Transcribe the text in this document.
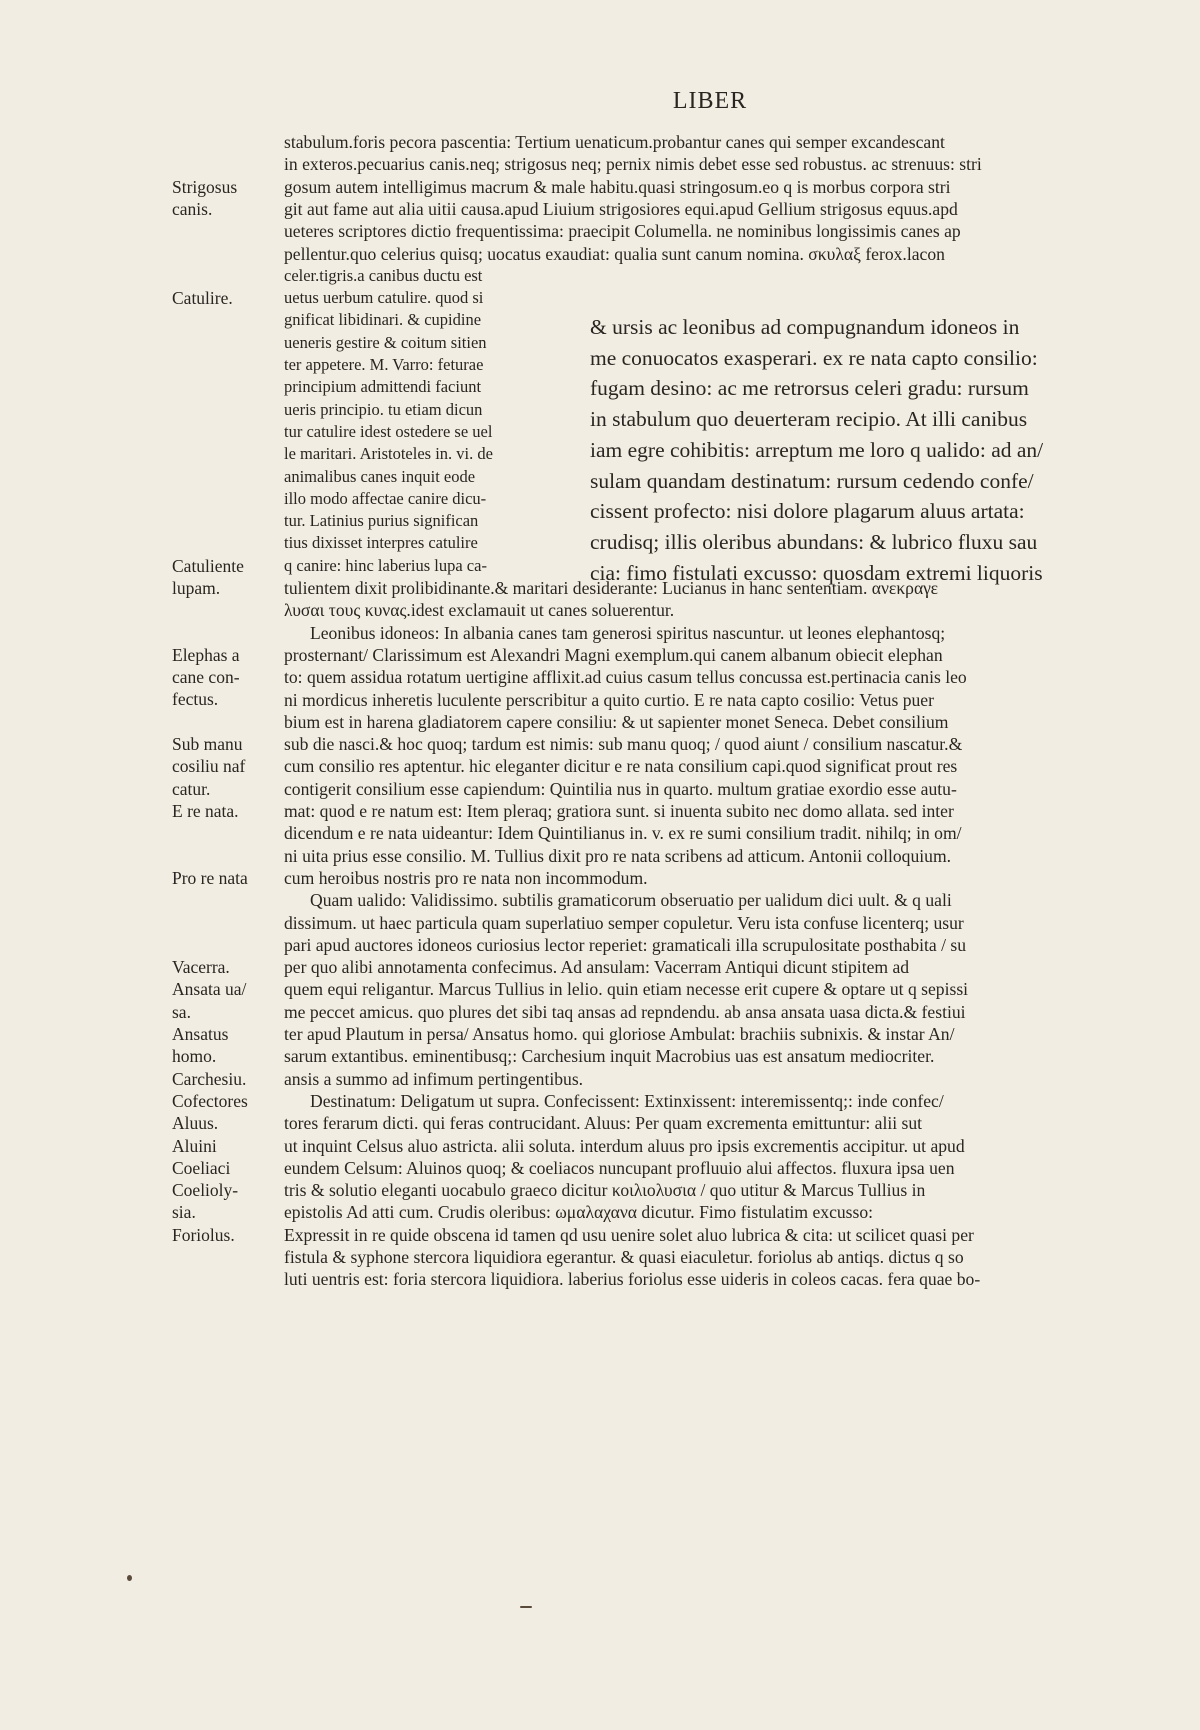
LIBER
stabulum.foris pecora pascentia: Tertium uenaticum.probantur canes qui semper excandescant
in exteros.pecuarius canis.neq; strigosus neq; pernix nimis debet esse sed robustus. ac strenuus: stri
gosum autem intelligimus macrum & male habitu.quasi stringosum.eo q is morbus corpora stri
git aut fame aut alia uitii causa.apud Liuium strigosiores equi.apud Gellium strigosus equus.apd
ueteres scriptores dictio frequentissima: praecipit Columella. ne nominibus longissimis canes ap
pellentur.quo celerius quisq; uocatus exaudiat: qualia sunt canum nomina. σκυλαξ ferox.lacon
celer.tigris.a canibus ductu est
uetus uerbum catulire. quod si
gnificat libidinari. & cupidine
ueneris gestire & coitum sitien
ter appetere. M. Varro: feturae
principium admittendi faciunt
ueris principio. tu etiam dicun
tur catulire idest ostedere se uel
le maritari. Aristoteles in. vi. de
animalibus canes inquit eode
illo modo affectae canire dicu-
tur. Latinius purius significan
tius dixisset interpres catulire
q canire: hinc laberius lupa ca-
& ursis ac leonibus ad compugnandum idoneos in
me conuocatos exasperari. ex re nata capto consilio:
fugam desino: ac me retrorsus celeri gradu: rursum
in stabulum quo deuerteram recipio. At illi canibus
iam egre cohibitis: arreptum me loro q ualido: ad an/
sulam quandam destinatum: rursum cedendo confe/
cissent profecto: nisi dolore plagarum aluus artata:
crudisq; illis oleribus abundans: & lubrico fluxu sau
cia: fimo fistulati excusso: quosdam extremi liquoris
tulientem dixit prolibidinante.& maritari desiderante: Lucianus in hanc sententiam. ανεκραγε
λυσαι τους κυνας.idest exclamauit ut canes soluerentur.
Leonibus idoneos: In albania canes tam generosi spiritus nascuntur. ut leones elephantosq;
prosternant/ Clarissimum est Alexandri Magni exemplum.qui canem albanum obiecit elephan
to: quem assidua rotatum uertigine afflixit.ad cuius casum tellus concussa est.pertinacia canis leo
ni mordicus inheretis luculente perscribitur a quito curtio. E re nata capto cosilio: Vetus puer
bium est in harena gladiatorem capere consiliu: & ut sapienter monet Seneca. Debet consilium
sub die nasci.& hoc quoq; tardum est nimis: sub manu quoq; / quod aiunt / consilium nascatur.&
cum consilio res aptentur. hic eleganter dicitur e re nata consilium capi.quod significat prout res
contigerit consilium esse capiendum: Quintilia nus in quarto. multum gratiae exordio esse autu-
mat: quod e re natum est: Item pleraq; gratiora sunt. si inuenta subito nec domo allata. sed inter
dicendum e re nata uideantur: Idem Quintilianus in. v. ex re sumi consilium tradit. nihilq; in om/
ni uita prius esse consilio. M. Tullius dixit pro re nata scribens ad atticum. Antonii colloquium.
cum heroibus nostris pro re nata non incommodum.
Quam ualido: Validissimo. subtilis gramaticorum obseruatio per ualidum dici uult. & q uali
dissimum. ut haec particula quam superlatiuo semper copuletur. Veru ista confuse licenterq; usur
pari apud auctores idoneos curiosius lector reperiet: gramaticali illa scrupulositate posthabita / su
per quo alibi annotamenta confecimus. Ad ansulam: Vacerram Antiqui dicunt stipitem ad
quem equi religantur. Marcus Tullius in lelio. quin etiam necesse erit cupere & optare ut q sepissi
me peccet amicus. quo plures det sibi taq ansas ad repndendu. ab ansa ansata uasa dicta.& festiui
ter apud Plautum in persa/ Ansatus homo. qui gloriose Ambulat: brachiis subnixis. & instar An/
sarum extantibus. eminentibusq;: Carchesium inquit Macrobius uas est ansatum mediocriter.
ansis a summo ad infimum pertingentibus.
Destinatum: Deligatum ut supra. Confecissent: Extinxissent: interemissentq;: inde confec/
tores ferarum dicti. qui feras contrucidant. Aluus: Per quam excrementa emittuntur: alii sut
ut inquint Celsus aluo astricta. alii soluta. interdum aluus pro ipsis excrementis accipitur. ut apud
eundem Celsum: Aluinos quoq; & coeliacos nuncupant profluuio alui affectos. fluxura ipsa uen
tris & solutio eleganti uocabulo graeco dicitur κοιλιολυσια / quo utitur & Marcus Tullius in
epistolis Ad atti cum. Crudis oleribus: ωμαλαχανα dicutur. Fimo fistulatim excusso:
Expressit in re quide obscena id tamen qd usu uenire solet aluo lubrica & cita: ut scilicet quasi per
fistula & syphone stercora liquidiora egerantur. & quasi eiaculetur. foriolus ab antiqs. dictus q so
luti uentris est: foria stercora liquidiora. laberius foriolus esse uideris in coleos cacas. fera quae bo-
Strigosus
canis.
Catulire.
Catuliente
lupam.
Elephas a
cane con-
fectus.
Sub manu
cosiliu naf
catur.
E re nata.
Pro re nata
Vacerra.
Ansata ua/
sa.
Ansatus
homo.
Carchesiu.
Cofectores
Aluus.
Aluini
Coeliaci
Coelioly-
sia.
Foriolus.
